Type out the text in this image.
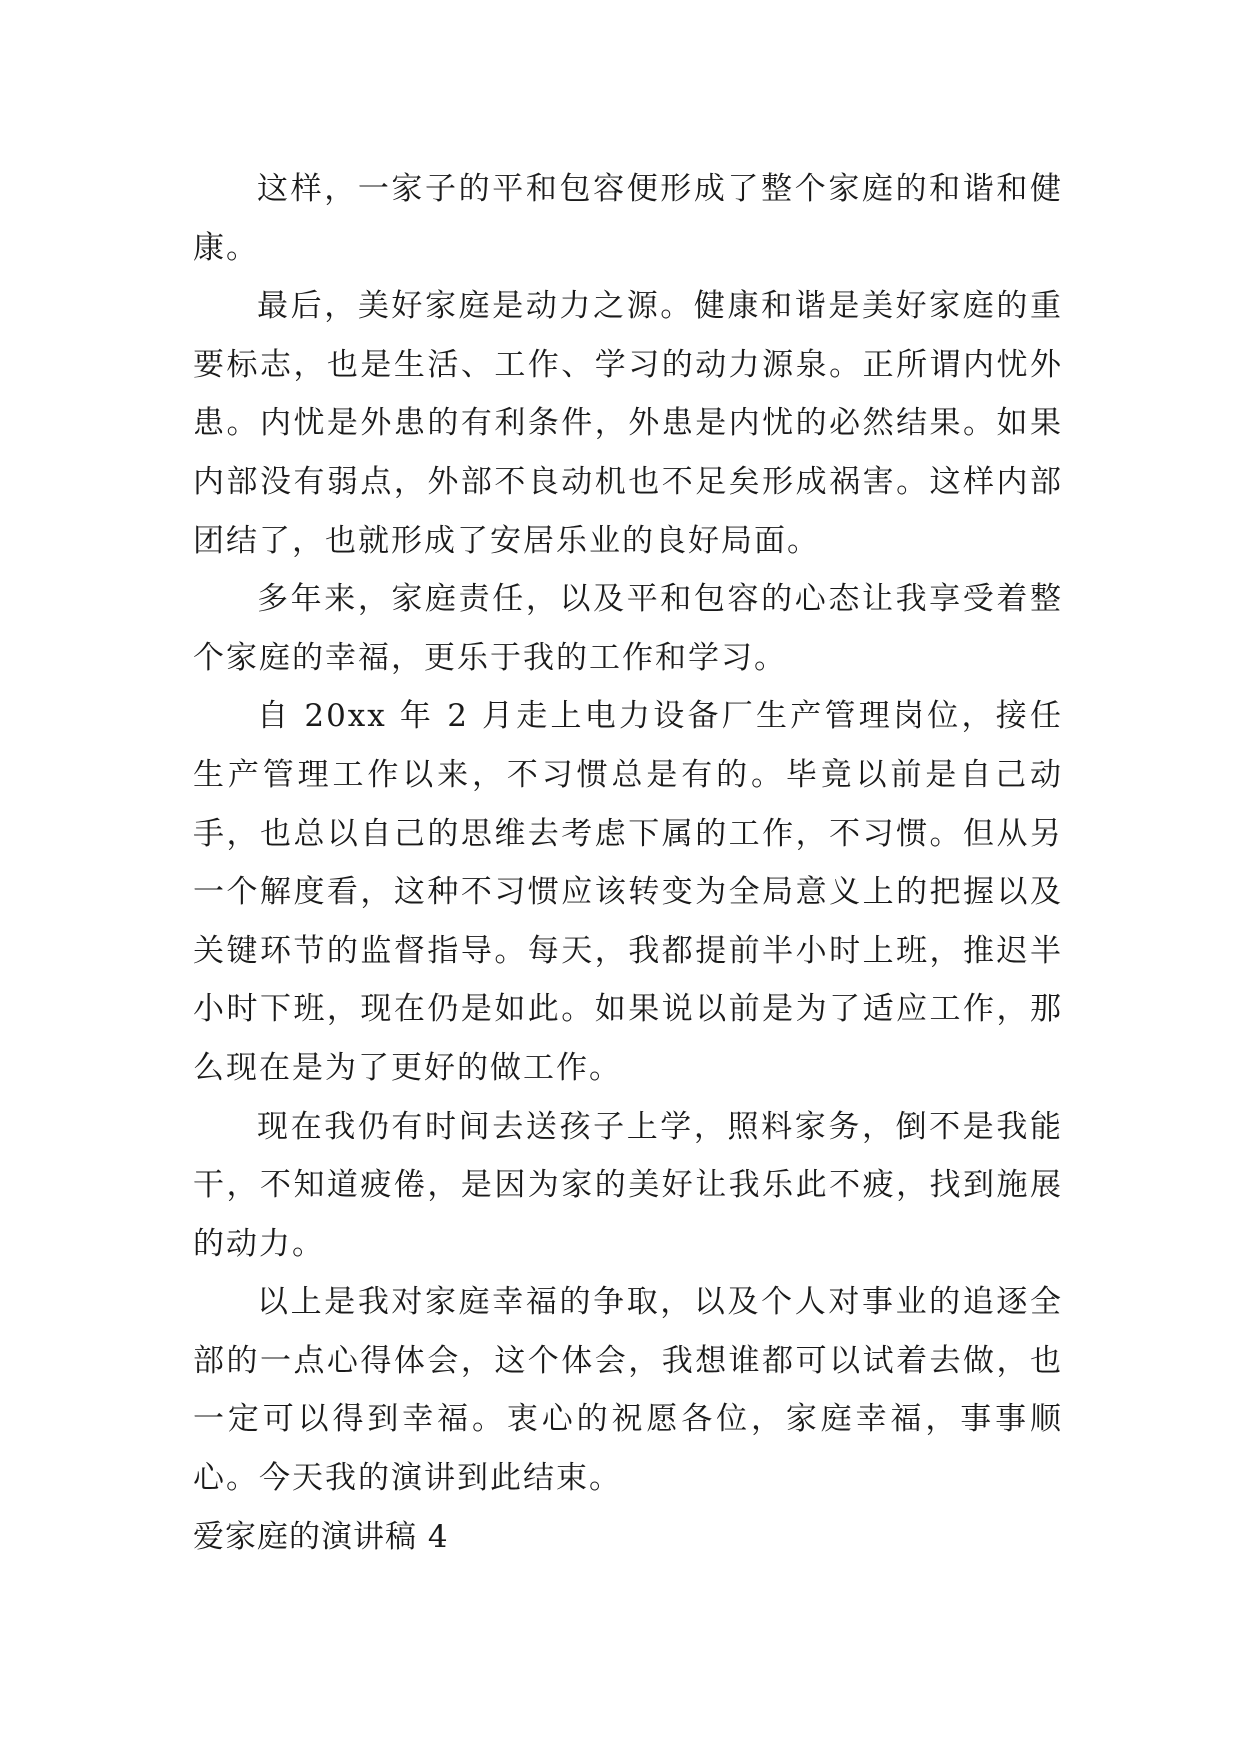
这样，一家子的平和包容便形成了整个家庭的和谐和健康。

最后，美好家庭是动力之源。健康和谐是美好家庭的重要标志，也是生活、工作、学习的动力源泉。正所谓内忧外患。内忧是外患的有利条件，外患是内忧的必然结果。如果内部没有弱点，外部不良动机也不足矣形成祸害。这样内部团结了，也就形成了安居乐业的良好局面。

多年来，家庭责任，以及平和包容的心态让我享受着整个家庭的幸福，更乐于我的工作和学习。

自 20xx 年 2 月走上电力设备厂生产管理岗位，接任生产管理工作以来，不习惯总是有的。毕竟以前是自己动手，也总以自己的思维去考虑下属的工作，不习惯。但从另一个解度看，这种不习惯应该转变为全局意义上的把握以及关键环节的监督指导。每天，我都提前半小时上班，推迟半小时下班，现在仍是如此。如果说以前是为了适应工作，那么现在是为了更好的做工作。

现在我仍有时间去送孩子上学，照料家务，倒不是我能干，不知道疲倦，是因为家的美好让我乐此不疲，找到施展的动力。

以上是我对家庭幸福的争取，以及个人对事业的追逐全部的一点心得体会，这个体会，我想谁都可以试着去做，也一定可以得到幸福。衷心的祝愿各位，家庭幸福，事事顺心。今天我的演讲到此结束。

爱家庭的演讲稿 4
